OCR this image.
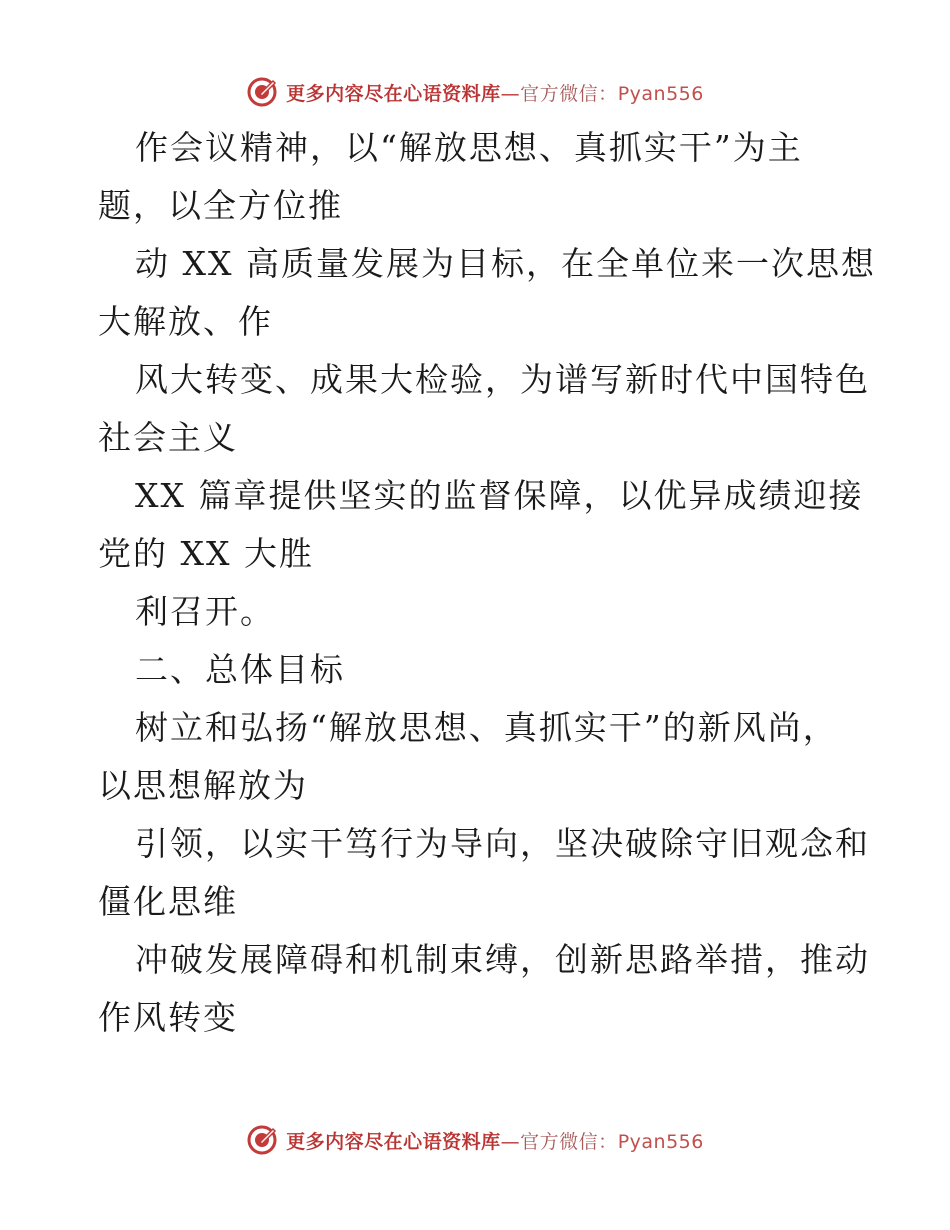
更多内容尽在心语资料库—官方微信：Pyan556
作会议精神，以“解放思想、真抓实干”为主
题，以全方位推
动 XX 高质量发展为目标，在全单位来一次思想
大解放、作
风大转变、成果大检验，为谱写新时代中国特色
社会主义
XX 篇章提供坚实的监督保障，以优异成绩迎接
党的 XX 大胜
利召开。
二、总体目标
树立和弘扬“解放思想、真抓实干”的新风尚，
以思想解放为
引领，以实干笃行为导向，坚决破除守旧观念和
僵化思维
冲破发展障碍和机制束缚，创新思路举措，推动
作风转变
更多内容尽在心语资料库—官方微信：Pyan556
